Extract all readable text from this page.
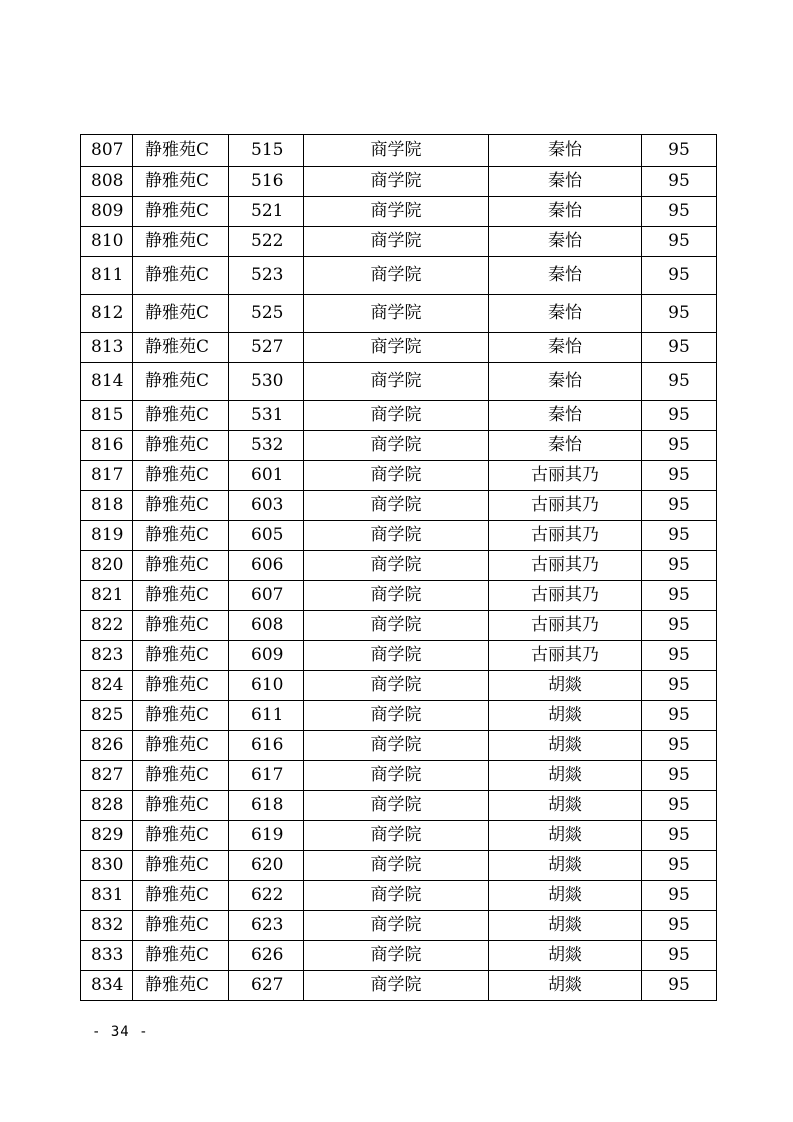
807	静雅苑C	515	商学院	秦怡	95
808	静雅苑C	516	商学院	秦怡	95
809	静雅苑C	521	商学院	秦怡	95
810	静雅苑C	522	商学院	秦怡	95
811	静雅苑C	523	商学院	秦怡	95
812	静雅苑C	525	商学院	秦怡	95
813	静雅苑C	527	商学院	秦怡	95
814	静雅苑C	530	商学院	秦怡	95
815	静雅苑C	531	商学院	秦怡	95
816	静雅苑C	532	商学院	秦怡	95
817	静雅苑C	601	商学院	古丽其乃	95
818	静雅苑C	603	商学院	古丽其乃	95
819	静雅苑C	605	商学院	古丽其乃	95
820	静雅苑C	606	商学院	古丽其乃	95
821	静雅苑C	607	商学院	古丽其乃	95
822	静雅苑C	608	商学院	古丽其乃	95
823	静雅苑C	609	商学院	古丽其乃	95
824	静雅苑C	610	商学院	胡燚	95
825	静雅苑C	611	商学院	胡燚	95
826	静雅苑C	616	商学院	胡燚	95
827	静雅苑C	617	商学院	胡燚	95
828	静雅苑C	618	商学院	胡燚	95
829	静雅苑C	619	商学院	胡燚	95
830	静雅苑C	620	商学院	胡燚	95
831	静雅苑C	622	商学院	胡燚	95
832	静雅苑C	623	商学院	胡燚	95
833	静雅苑C	626	商学院	胡燚	95
834	静雅苑C	627	商学院	胡燚	95
- 34 -
